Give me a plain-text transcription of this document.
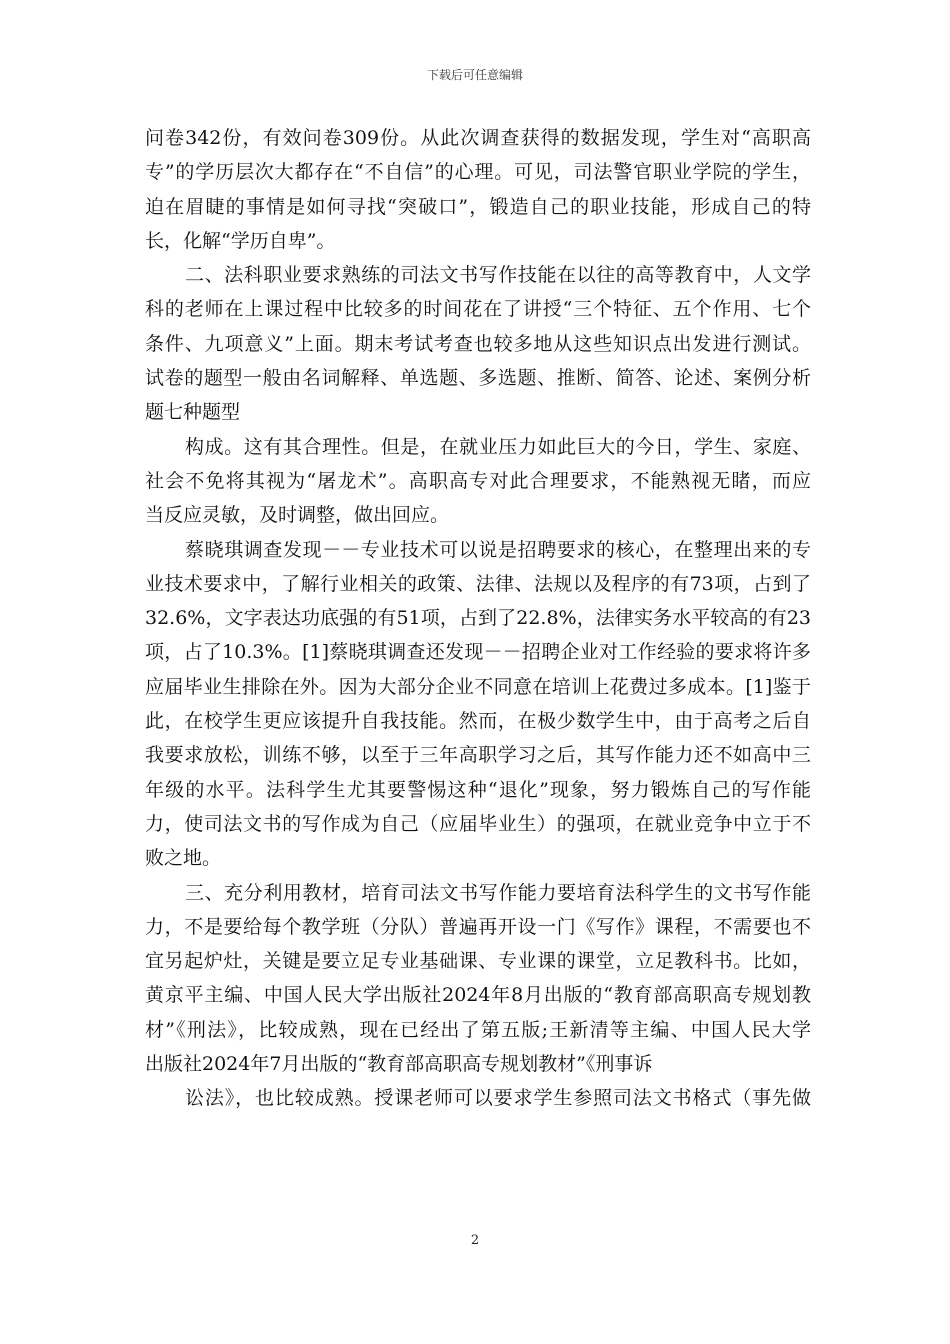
下载后可任意编辑
问卷342份，有效问卷309份。从此次调查获得的数据发现，学生对“高职高
专”的学历层次大都存在“不自信”的心理。可见，司法警官职业学院的学生，
迫在眉睫的事情是如何寻找“突破口”，锻造自己的职业技能，形成自己的特
长，化解“学历自卑”。
二、法科职业要求熟练的司法文书写作技能在以往的高等教育中，人文学
科的老师在上课过程中比较多的时间花在了讲授“三个特征、五个作用、七个
条件、九项意义”上面。期末考试考查也较多地从这些知识点出发进行测试。
试卷的题型一般由名词解释、单选题、多选题、推断、简答、论述、案例分析
题七种题型
构成。这有其合理性。但是，在就业压力如此巨大的今日，学生、家庭、
社会不免将其视为“屠龙术”。高职高专对此合理要求，不能熟视无睹，而应
当反应灵敏，及时调整，做出回应。
蔡晓琪调查发现－－专业技术可以说是招聘要求的核心，在整理出来的专
业技术要求中，了解行业相关的政策、法律、法规以及程序的有73项，占到了
32.6%，文字表达功底强的有51项，占到了22.8%，法律实务水平较高的有23
项，占了10.3%。[1]蔡晓琪调查还发现－－招聘企业对工作经验的要求将许多
应届毕业生排除在外。因为大部分企业不同意在培训上花费过多成本。[1]鉴于
此，在校学生更应该提升自我技能。然而，在极少数学生中，由于高考之后自
我要求放松，训练不够，以至于三年高职学习之后，其写作能力还不如高中三
年级的水平。法科学生尤其要警惕这种“退化”现象，努力锻炼自己的写作能
力，使司法文书的写作成为自己（应届毕业生）的强项，在就业竞争中立于不
败之地。
三、充分利用教材，培育司法文书写作能力要培育法科学生的文书写作能
力，不是要给每个教学班（分队）普遍再开设一门《写作》课程，不需要也不
宜另起炉灶，关键是要立足专业基础课、专业课的课堂，立足教科书。比如，
黄京平主编、中国人民大学出版社2024年8月出版的“教育部高职高专规划教
材”《刑法》，比较成熟，现在已经出了第五版;王新清等主编、中国人民大学
出版社2024年7月出版的“教育部高职高专规划教材”《刑事诉
讼法》，也比较成熟。授课老师可以要求学生参照司法文书格式（事先做
2
